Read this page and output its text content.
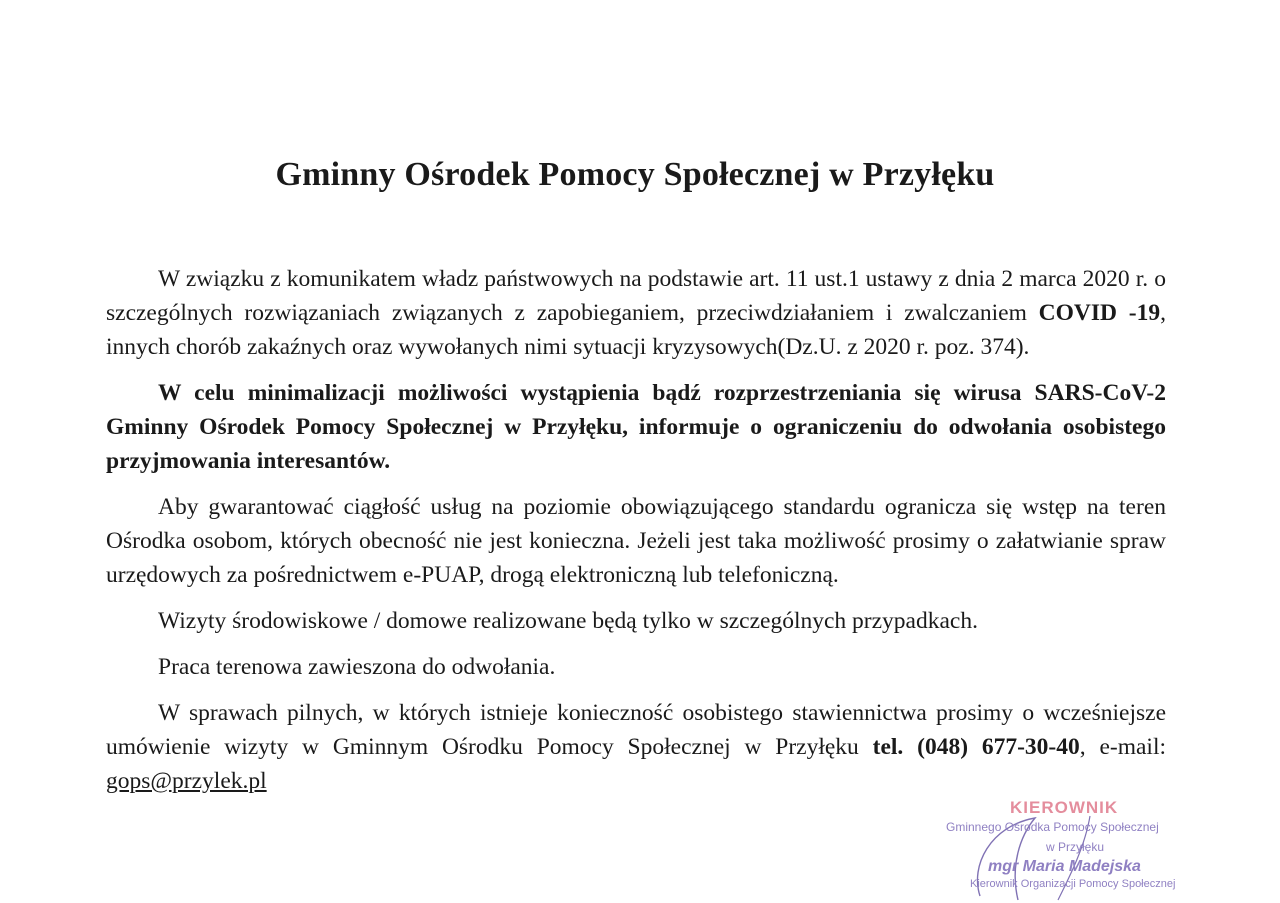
Gminny Ośrodek Pomocy Społecznej w Przyłęku

W związku z komunikatem władz państwowych na podstawie art. 11 ust.1 ustawy z dnia 2 marca 2020 r. o szczególnych rozwiązaniach związanych z zapobieganiem, przeciwdziałaniem i zwalczaniem COVID -19, innych chorób zakaźnych oraz wywołanych nimi sytuacji kryzysowych(Dz.U. z 2020 r. poz. 374).

W celu minimalizacji możliwości wystąpienia bądź rozprzestrzeniania się wirusa SARS-CoV-2 Gminny Ośrodek Pomocy Społecznej w Przyłęku, informuje o ograniczeniu do odwołania osobistego przyjmowania interesantów.

Aby gwarantować ciągłość usług na poziomie obowiązującego standardu ogranicza się wstęp na teren Ośrodka osobom, których obecność nie jest konieczna. Jeżeli jest taka możliwość prosimy o załatwianie spraw urzędowych za pośrednictwem e-PUAP, drogą elektroniczną lub telefoniczną.

Wizyty środowiskowe / domowe realizowane będą tylko w szczególnych przypadkach.

Praca terenowa zawieszona do odwołania.

W sprawach pilnych, w których istnieje konieczność osobistego stawiennictwa prosimy o wcześniejsze umówienie wizyty w Gminnym Ośrodku Pomocy Społecznej w Przyłęku tel. (048) 677-30-40, e-mail: gops@przylek.pl

KIEROWNIK
Gminnego Ośrodka Pomocy Społecznej
w Przyłęku
mgr Maria Madejska
Kierownik Organizacji Pomocy Społecznej
